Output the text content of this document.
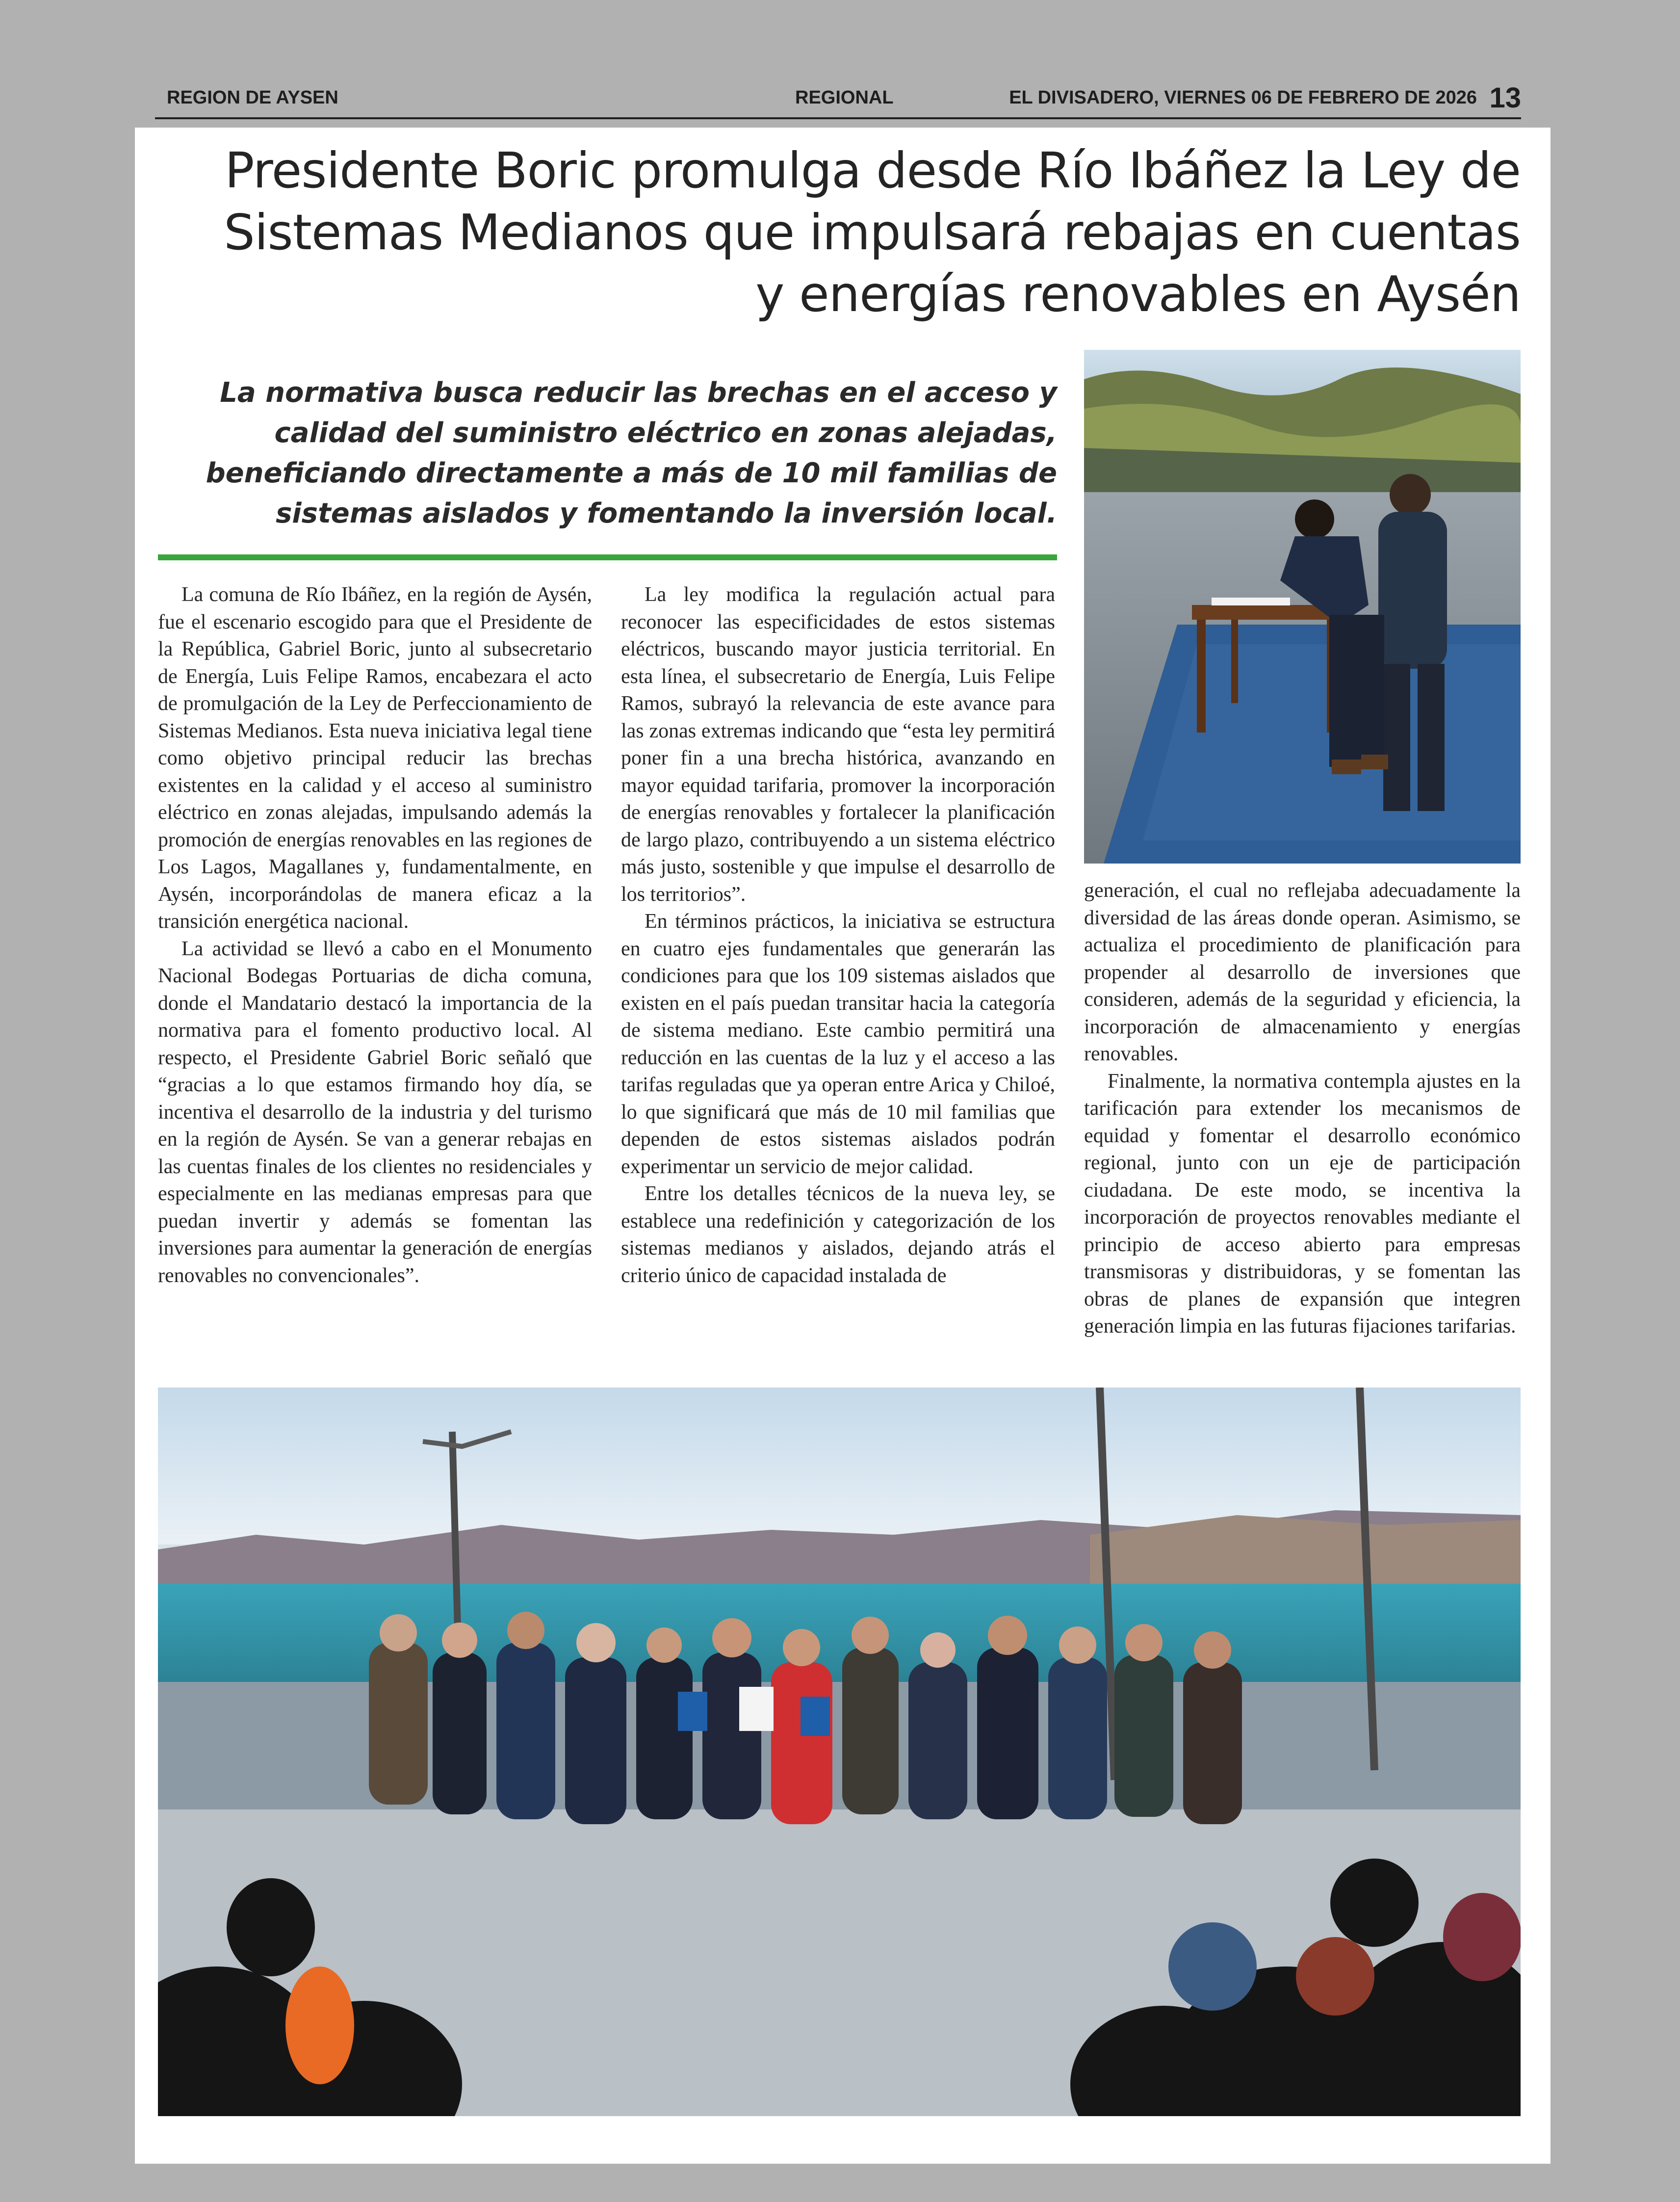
REGION DE AYSEN	REGIONAL	EL DIVISADERO, VIERNES 06 DE FEBRERO DE 2026 13
Presidente Boric promulga desde Río Ibáñez la Ley de Sistemas Medianos que impulsará rebajas en cuentas y energías renovables en Aysén
La normativa busca reducir las brechas en el acceso y calidad del suministro eléctrico en zonas alejadas, beneficiando directamente a más de 10 mil familias de sistemas aislados y fomentando la inversión local.

La comuna de Río Ibáñez, en la región de Aysén, fue el escenario escogido para que el Presidente de la República, Gabriel Boric, junto al subsecretario de Energía, Luis Felipe Ramos, encabezara el acto de promulgación de la Ley de Perfeccionamiento de Sistemas Medianos. Esta nueva iniciativa legal tiene como objetivo principal reducir las brechas existentes en la calidad y el acceso al suministro eléctrico en zonas alejadas, impulsando además la promoción de energías renovables en las regiones de Los Lagos, Magallanes y, fundamentalmente, en Aysén, incorporándolas de manera eficaz a la transición energética nacional.

La actividad se llevó a cabo en el Monumento Nacional Bodegas Portuarias de dicha comuna, donde el Mandatario destacó la importancia de la normativa para el fomento productivo local. Al respecto, el Presidente Gabriel Boric señaló que “gracias a lo que estamos firmando hoy día, se incentiva el desarrollo de la industria y del turismo en la región de Aysén. Se van a generar rebajas en las cuentas finales de los clientes no residenciales y especialmente en las medianas empresas para que puedan invertir y además se fomentan las inversiones para aumentar la generación de energías renovables no convencionales”.

La ley modifica la regulación actual para reconocer las especificidades de estos sistemas eléctricos, buscando mayor justicia territorial. En esta línea, el subsecretario de Energía, Luis Felipe Ramos, subrayó la relevancia de este avance para las zonas extremas indicando que “esta ley permitirá poner fin a una brecha histórica, avanzando en mayor equidad tarifaria, promover la incorporación de energías renovables y fortalecer la planificación de largo plazo, contribuyendo a un sistema eléctrico más justo, sostenible y que impulse el desarrollo de los territorios”.

En términos prácticos, la iniciativa se estructura en cuatro ejes fundamentales que generarán las condiciones para que los 109 sistemas aislados que existen en el país puedan transitar hacia la categoría de sistema mediano. Este cambio permitirá una reducción en las cuentas de la luz y el acceso a las tarifas reguladas que ya operan entre Arica y Chiloé, lo que significará que más de 10 mil familias que dependen de estos sistemas aislados podrán experimentar un servicio de mejor calidad.

Entre los detalles técnicos de la nueva ley, se establece una redefinición y categorización de los sistemas medianos y aislados, dejando atrás el criterio único de capacidad instalada de

generación, el cual no reflejaba adecuadamente la diversidad de las áreas donde operan. Asimismo, se actualiza el procedimiento de planificación para propender al desarrollo de inversiones que consideren, además de la seguridad y eficiencia, la incorporación de almacenamiento y energías renovables.

Finalmente, la normativa contempla ajustes en la tarificación para extender los mecanismos de equidad y fomentar el desarrollo económico regional, junto con un eje de participación ciudadana. De este modo, se incentiva la incorporación de proyectos renovables mediante el principio de acceso abierto para empresas transmisoras y distribuidoras, y se fomentan las obras de planes de expansión que integren generación limpia en las futuras fijaciones tarifarias.
